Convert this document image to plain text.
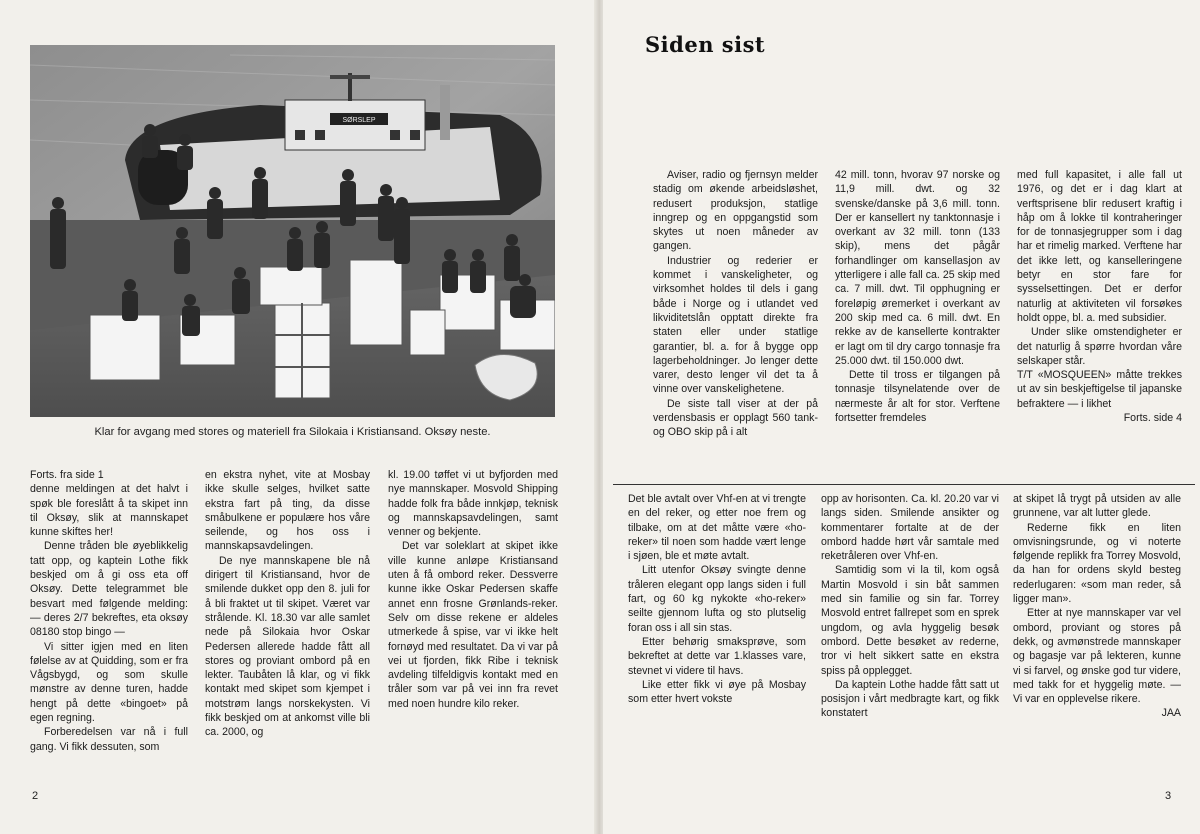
SØRSLEP
Klar for avgang med stores og materiell fra Silokaia i Kristiansand. Oksøy neste.

Forts. fra side 1

denne meldingen at det halvt i spøk ble foreslått å ta skipet inn til Oksøy, slik at mannskapet kunne skiftes her!

Denne tråden ble øyeblikkelig tatt opp, og kaptein Lothe fikk beskjed om å gi oss eta off Oksøy. Dette telegrammet ble besvart med følgende melding: — deres 2/7 bekreftes, eta oksøy 08180 stop bingo —

Vi sitter igjen med en liten følelse av at Quidding, som er fra Vågsbygd, og som skulle mønstre av denne turen, hadde hengt på dette «bingoet» på egen regning.

Forberedelsen var nå i full gang. Vi fikk dessuten, som

en ekstra nyhet, vite at Mosbay ikke skulle selges, hvilket satte ekstra fart på ting, da disse småbulkene er populære hos våre seilende, og hos oss i mannskapsavdelingen.

De nye mannskapene ble nå dirigert til Kristiansand, hvor de smilende dukket opp den 8. juli for å bli fraktet ut til skipet. Været var strålende. Kl. 18.30 var alle samlet nede på Silokaia hvor Oskar Pedersen allerede hadde fått all stores og proviant ombord på en lekter. Taubåten lå klar, og vi fikk kontakt med skipet som kjempet i motstrøm langs norskekysten. Vi fikk beskjed om at ankomst ville bli ca. 2000, og

kl. 19.00 tøffet vi ut byfjorden med nye mannskaper. Mosvold Shipping hadde folk fra både innkjøp, teknisk og mannskapsavdelingen, samt venner og bekjente.

Det var soleklart at skipet ikke ville kunne anløpe Kristiansand uten å få ombord reker. Dessverre kunne ikke Oskar Pedersen skaffe annet enn frosne Grønlands-reker. Selv om disse rekene er aldeles utmerkede å spise, var vi ikke helt fornøyd med resultatet. Da vi var på vei ut fjorden, fikk Ribe i teknisk avdeling tilfeldigvis kontakt med en tråler som var på vei inn fra revet med noen hundre kilo reker.

2
Siden sist

Aviser, radio og fjernsyn melder stadig om økende arbeidsløshet, redusert produksjon, statlige inngrep og en oppgangstid som skytes ut noen måneder av gangen.

Industrier og rederier er kommet i vanskeligheter, og virksomhet holdes til dels i gang både i Norge og i utlandet ved likviditetslån opptatt direkte fra staten eller under statlige garantier, bl. a. for å bygge opp lagerbeholdninger. Jo lenger dette varer, desto lenger vil det ta å vinne over vanskelighetene.

De siste tall viser at der på verdensbasis er opplagt 560 tank- og OBO skip på i alt

42 mill. tonn, hvorav 97 norske og 11,9 mill. dwt. og 32 svenske/danske på 3,6 mill. tonn. Der er kansellert ny tanktonnasje i overkant av 32 mill. tonn (133 skip), mens det pågår forhandlinger om kansellasjon av ytterligere i alle fall ca. 25 skip med ca. 7 mill. dwt. Til opphugning er foreløpig øremerket i overkant av 200 skip med ca. 6 mill. dwt. En rekke av de kansellerte kontrakter er lagt om til dry cargo tonnasje fra 25.000 dwt. til 150.000 dwt.

Dette til tross er tilgangen på tonnasje tilsynelatende over de nærmeste år alt for stor. Verftene fortsetter fremdeles

med full kapasitet, i alle fall ut 1976, og det er i dag klart at verftsprisene blir redusert kraftig i håp om å lokke til kontraheringer for de tonnasjegrupper som i dag har et rimelig marked. Verftene har det ikke lett, og kanselleringene betyr en stor fare for sysselsettingen. Det er derfor naturlig at aktiviteten vil forsøkes holdt oppe, bl. a. med subsidier.

Under slike omstendigheter er det naturlig å spørre hvordan våre selskaper står.

T/T «MOSQUEEN» måtte trekkes ut av sin beskjeftigelse til japanske befraktere — i likhet

Forts. side 4

Det ble avtalt over Vhf-en at vi trengte en del reker, og etter noe frem og tilbake, om at det måtte være «ho-reker» til noen som hadde vært lenge i sjøen, ble et møte avtalt.

Litt utenfor Oksøy svingte denne tråleren elegant opp langs siden i full fart, og 60 kg nykokte «ho-reker» seilte gjennom lufta og sto plutselig foran oss i all sin stas.

Etter behørig smaksprøve, som bekreftet at dette var 1.klasses vare, stevnet vi videre til havs.

Like etter fikk vi øye på Mosbay som etter hvert vokste

opp av horisonten. Ca. kl. 20.20 var vi langs siden. Smilende ansikter og kommentarer fortalte at de der ombord hadde hørt vår samtale med reketråleren over Vhf-en.

Samtidig som vi la til, kom også Martin Mosvold i sin båt sammen med sin familie og sin far. Torrey Mosvold entret fallrepet som en sprek ungdom, og avla hyggelig besøk ombord. Dette besøket av rederne, tror vi helt sikkert satte en ekstra spiss på opplegget.

Da kaptein Lothe hadde fått satt ut posisjon i vårt medbragte kart, og fikk konstatert

at skipet lå trygt på utsiden av alle grunnene, var alt lutter glede.

Rederne fikk en liten omvisningsrunde, og vi noterte følgende replikk fra Torrey Mosvold, da han for ordens skyld besteg rederlugaren: «som man reder, så ligger man».

Etter at nye mannskaper var vel ombord, proviant og stores på dekk, og avmønstrede mannskaper og bagasje var på lekteren, kunne vi si farvel, og ønske god tur videre, med takk for et hyggelig møte. — Vi var en opplevelse rikere.

JAA

3
